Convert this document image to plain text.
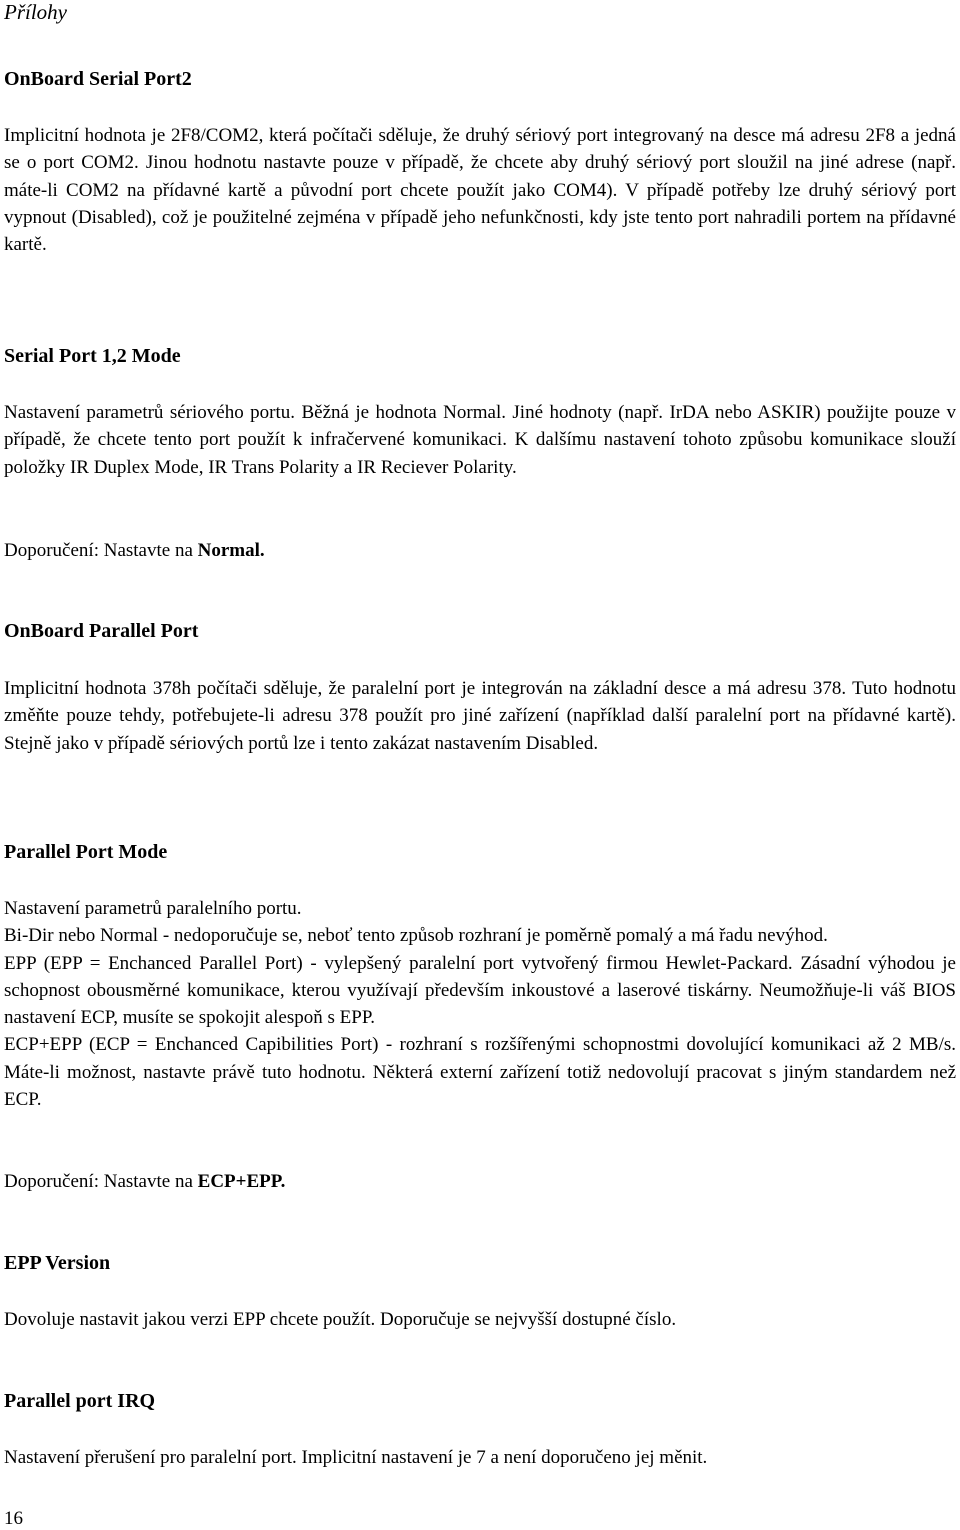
Přílohy
OnBoard Serial Port2

Implicitní hodnota je 2F8/COM2, která počítači sděluje, že druhý sériový port integrovaný na desce má adresu 2F8 a jedná se o port COM2. Jinou hodnotu nastavte pouze v případě, že chcete aby druhý sériový port sloužil na jiné adrese (např. máte-li COM2 na přídavné kartě a původní port chcete použít jako COM4). V případě potřeby lze druhý sériový port vypnout (Disabled), což je použitelné zejména v případě jeho nefunkčnosti, kdy jste tento port nahradili portem na přídavné kartě.

Serial Port 1,2 Mode

Nastavení parametrů sériového portu. Běžná je hodnota Normal. Jiné hodnoty (např. IrDA nebo ASKIR) použijte pouze v případě, že chcete tento port použít k infračervené komunikaci. K dalšímu nastavení tohoto způsobu komunikace slouží položky IR Duplex Mode, IR Trans Polarity a IR Reciever Polarity.

Doporučení: Nastavte na Normal.

OnBoard Parallel Port

Implicitní hodnota 378h počítači sděluje, že paralelní port je integrován na základní desce a má adresu 378. Tuto hodnotu změňte pouze tehdy, potřebujete-li adresu 378 použít pro jiné zařízení (například další paralelní port na přídavné kartě). Stejně jako v případě sériových portů lze i tento zakázat nastavením Disabled.

Parallel Port Mode
Nastavení parametrů paralelního portu.
Bi-Dir nebo Normal - nedoporučuje se, neboť tento způsob rozhraní je poměrně pomalý a má řadu nevýhod.
EPP (EPP = Enchanced Parallel Port) - vylepšený paralelní port vytvořený firmou Hewlet-Packard. Zásadní výhodou je schopnost obousměrné komunikace, kterou využívají především inkoustové a laserové tiskárny. Neumožňuje-li váš BIOS nastavení ECP, musíte se spokojit alespoň s EPP.
ECP+EPP (ECP = Enchanced Capibilities Port) - rozhraní s rozšířenými schopnostmi dovolující komunikaci až 2 MB/s. Máte-li možnost, nastavte právě tuto hodnotu. Některá externí zařízení totiž nedovolují pracovat s jiným standardem než ECP.

Doporučení: Nastavte na ECP+EPP.

EPP Version

Dovoluje nastavit jakou verzi EPP chcete použít. Doporučuje se nejvyšší dostupné číslo.

Parallel port IRQ

Nastavení přerušení pro paralelní port. Implicitní nastavení je 7 a není doporučeno jej měnit.

16
